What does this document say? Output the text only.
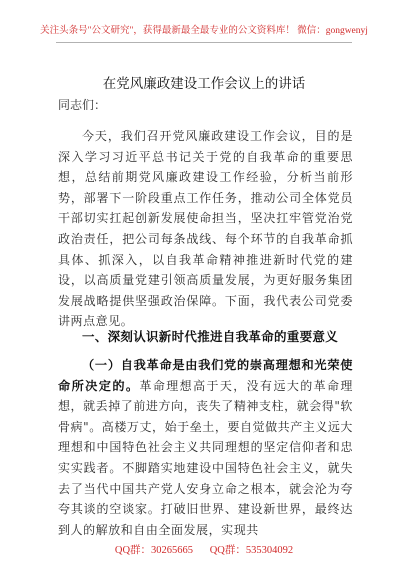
关注头条号"公文研究"，获得最新最全最专业的公文资料库！ 微信：gongwenyj
在党风廉政建设工作会议上的讲话
同志们：
今天，我们召开党风廉政建设工作会议，目的是深入学习习近平总书记关于党的自我革命的重要思想，总结前期党风廉政建设工作经验，分析当前形势，部署下一阶段重点工作任务，推动公司全体党员干部切实扛起创新发展使命担当，坚决扛牢管党治党政治责任，把公司每条战线、每个环节的自我革命抓具体、抓深入，以自我革命精神推进新时代党的建设，以高质量党建引领高质量发展，为更好服务集团发展战略提供坚强政治保障。下面，我代表公司党委讲两点意见。
一、深刻认识新时代推进自我革命的重要意义
（一）自我革命是由我们党的崇高理想和光荣使命所决定的。革命理想高于天，没有远大的革命理想，就丢掉了前进方向，丧失了精神支柱，就会得"软骨病"。高楼万丈，始于垒土，要自觉做共产主义远大理想和中国特色社会主义共同理想的坚定信仰者和忠实实践者。不脚踏实地建设中国特色社会主义，就失去了当代中国共产党人安身立命之根本，就会沦为夸夸其谈的空谈家。打破旧世界、建设新世界，最终达到人的解放和自由全面发展，实现共
QQ群：30265665 QQ群：535304092
